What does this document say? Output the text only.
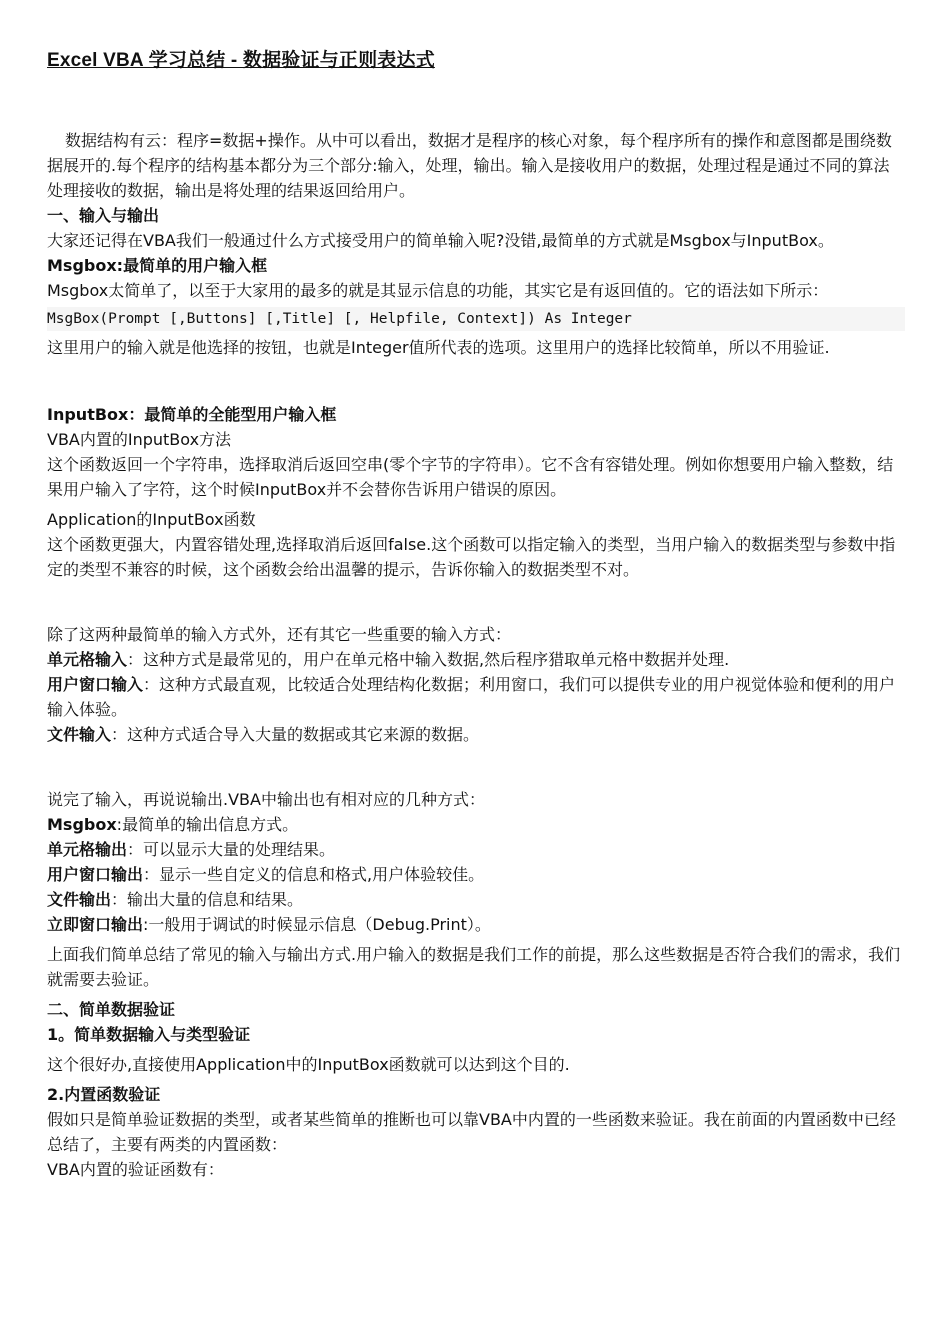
Excel VBA 学习总结 - 数据验证与正则表达式

数据结构有云：程序=数据+操作。从中可以看出，数据才是程序的核心对象，每个程序所有的操作和意图都是围绕数据展开的.每个程序的结构基本都分为三个部分:输入，处理，输出。输入是接收用户的数据，处理过程是通过不同的算法处理接收的数据，输出是将处理的结果返回给用户。

一、输入与输出

大家还记得在VBA我们一般通过什么方式接受用户的简单输入呢?没错,最简单的方式就是Msgbox与InputBox。

Msgbox:最简单的用户输入框

Msgbox太简单了，以至于大家用的最多的就是其显示信息的功能，其实它是有返回值的。它的语法如下所示：

MsgBox(Prompt [,Buttons] [,Title] [, Helpfile, Context]) As Integer

这里用户的输入就是他选择的按钮，也就是Integer值所代表的选项。这里用户的选择比较简单，所以不用验证.

InputBox：最简单的全能型用户输入框

VBA内置的InputBox方法

这个函数返回一个字符串，选择取消后返回空串(零个字节的字符串）。它不含有容错处理。例如你想要用户输入整数，结果用户输入了字符，这个时候InputBox并不会替你告诉用户错误的原因。

Application的InputBox函数

这个函数更强大，内置容错处理,选择取消后返回false.这个函数可以指定输入的类型，当用户输入的数据类型与参数中指定的类型不兼容的时候，这个函数会给出温馨的提示，告诉你输入的数据类型不对。

除了这两种最简单的输入方式外，还有其它一些重要的输入方式：

单元格输入：这种方式是最常见的，用户在单元格中输入数据,然后程序猎取单元格中数据并处理.

用户窗口输入：这种方式最直观，比较适合处理结构化数据；利用窗口，我们可以提供专业的用户视觉体验和便利的用户输入体验。

文件输入：这种方式适合导入大量的数据或其它来源的数据。

说完了输入，再说说输出.VBA中输出也有相对应的几种方式：

Msgbox:最简单的输出信息方式。

单元格输出：可以显示大量的处理结果。

用户窗口输出：显示一些自定义的信息和格式,用户体验较佳。

文件输出：输出大量的信息和结果。

立即窗口输出:一般用于调试的时候显示信息（Debug.Print）。

上面我们简单总结了常见的输入与输出方式.用户输入的数据是我们工作的前提，那么这些数据是否符合我们的需求，我们就需要去验证。

二、简单数据验证

1。简单数据输入与类型验证

这个很好办,直接使用Application中的InputBox函数就可以达到这个目的.

2.内置函数验证

假如只是简单验证数据的类型，或者某些简单的推断也可以靠VBA中内置的一些函数来验证。我在前面的内置函数中已经总结了，主要有两类的内置函数：

VBA内置的验证函数有：
